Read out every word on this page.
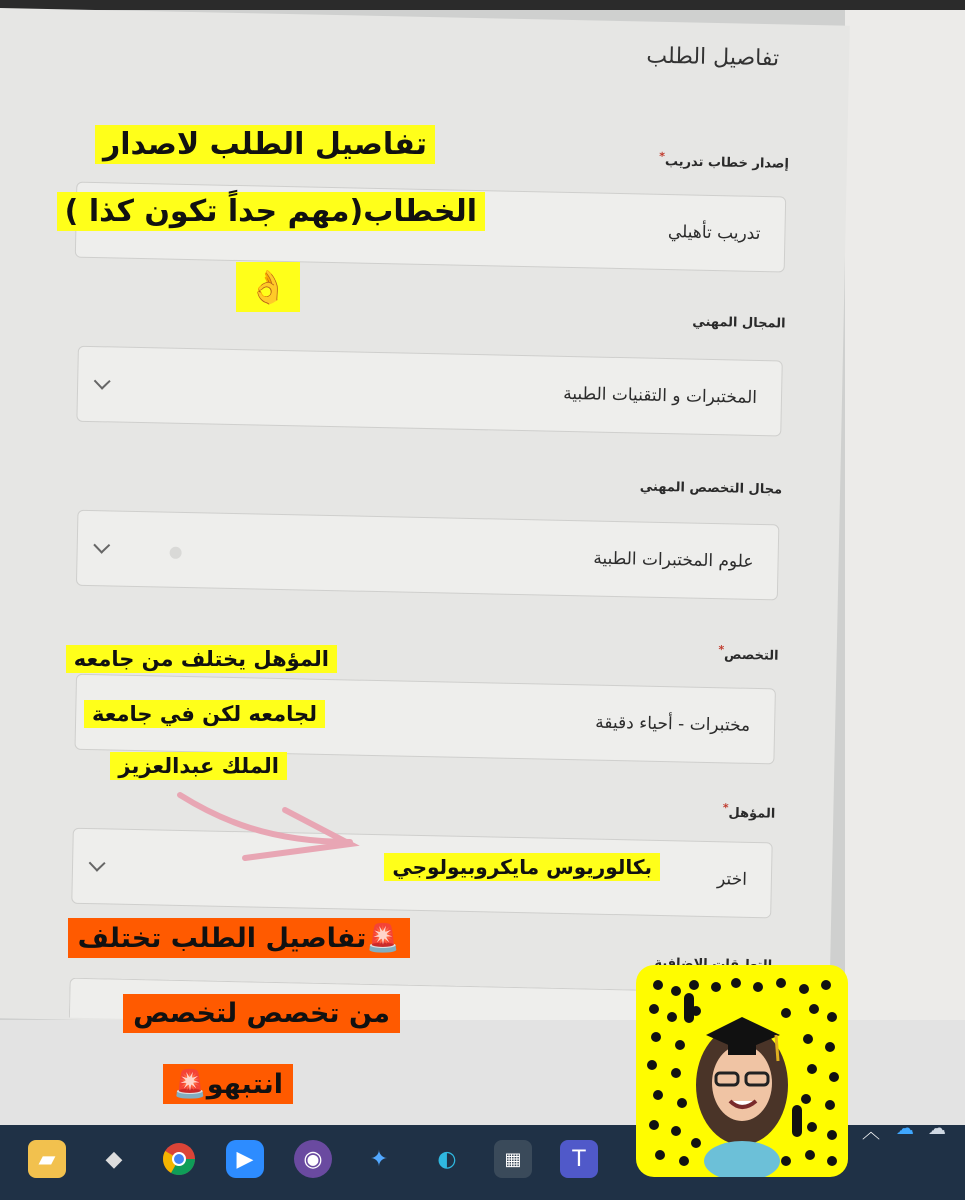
تفاصيل الطلب
إصدار خطاب تدريب*
تدريب تأهيلي
المجال المهني
المختبرات و التقنيات الطبية
مجال التخصص المهني
علوم المختبرات الطبية
التخصص*
مختبرات - أحياء دقيقة
المؤهل*
اختر
تفاصيل الطلب لاصدار
الخطاب(مهم جداً تكون كذا )
👌
المؤهل يختلف من جامعه
لجامعه لكن في جامعة
الملك عبدالعزيز
بكالوريوس مايكروبيولوجي
🚨تفاصيل الطلب تختلف
من تخصص لتخصص
انتبهو🚨
▰	◆	▶	◉	✦	◐	▦	T
︿ ☁ ☁
